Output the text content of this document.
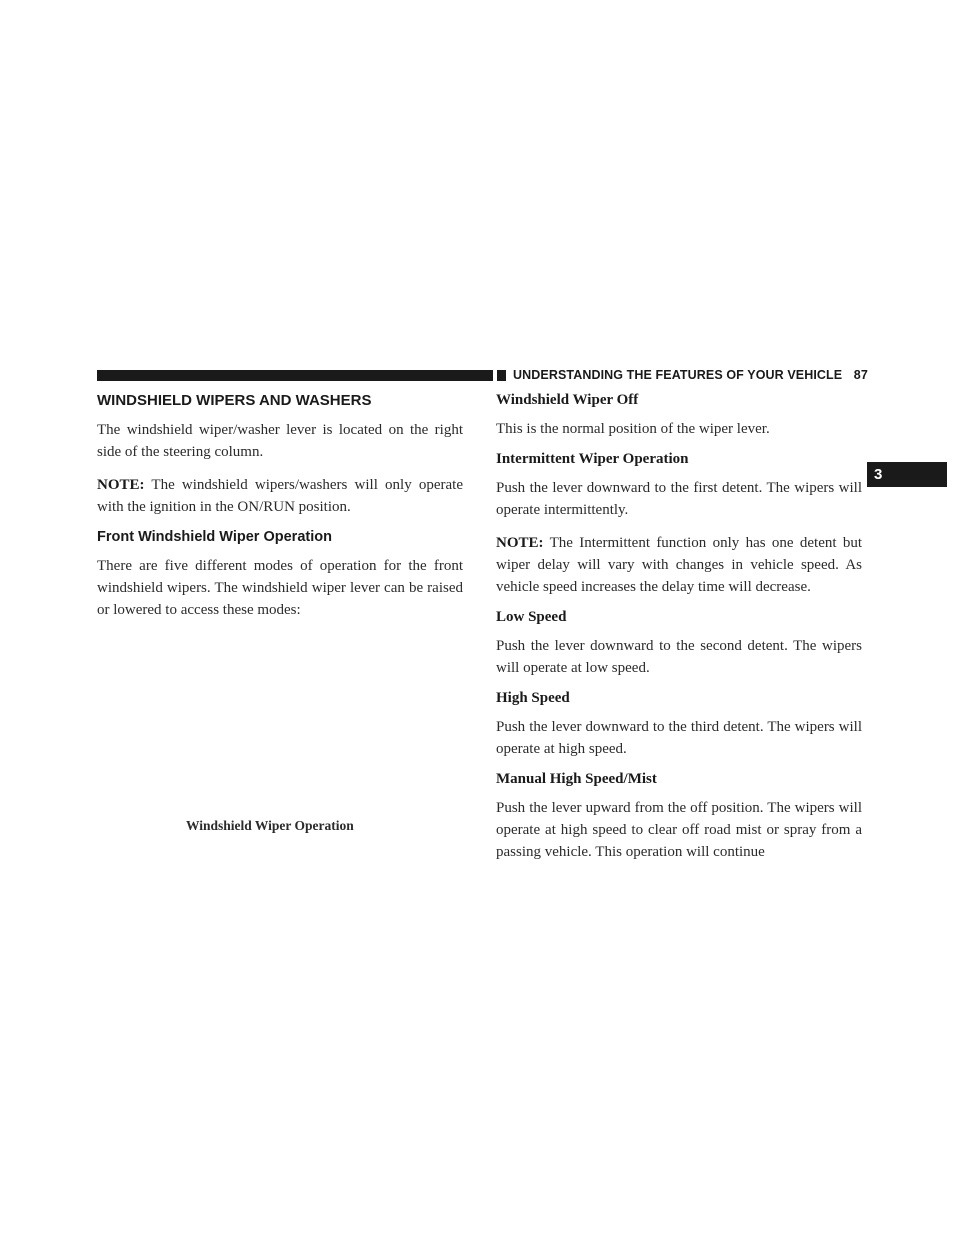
UNDERSTANDING THE FEATURES OF YOUR VEHICLE 87
3
WINDSHIELD WIPERS AND WASHERS

The windshield wiper/washer lever is located on the right side of the steering column.

NOTE: The windshield wipers/washers will only operate with the ignition in the ON/RUN position.

Front Windshield Wiper Operation

There are five different modes of operation for the front windshield wipers. The windshield wiper lever can be raised or lowered to access these modes:

Windshield Wiper Operation
Windshield Wiper Off

This is the normal position of the wiper lever.

Intermittent Wiper Operation

Push the lever downward to the first detent. The wipers will operate intermittently.

NOTE: The Intermittent function only has one detent but wiper delay will vary with changes in vehicle speed. As vehicle speed increases the delay time will decrease.

Low Speed

Push the lever downward to the second detent. The wipers will operate at low speed.

High Speed

Push the lever downward to the third detent. The wipers will operate at high speed.

Manual High Speed/Mist

Push the lever upward from the off position. The wipers will operate at high speed to clear off road mist or spray from a passing vehicle. This operation will continue
